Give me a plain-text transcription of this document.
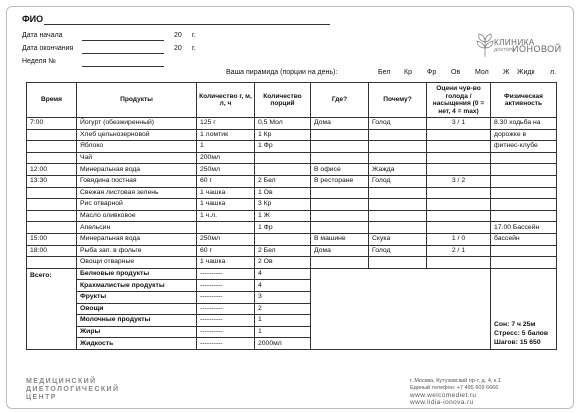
ФИО
Дата начала	20 г.
Дата окончания	20 г.
Неделя №
КЛИНИКА
ДОКТОРА
ИОНОВОЙ
Ваша пирамида (порции на день):	Бел Кр Фр Ов Мол Ж Жидк л.
Время	Продукты	Количество г, м, л, ч	Количество порций	Где?	Почему?	Оцени чув-во голода / насыщения (0 = нет, 4 = max)	Физическая активность
7:00	Йогурт (обезжиренный)	125 г	0,5 Мол	Дома	Голод	3 / 1	8.30 ходьба на
	Хлеб цельнозерновой	1 ломтик	1 Кр				дорожке в
	Яблоко	1	1 Фр				фитнес-клубе
	Чай	200мл					
12:00	Минеральная вода	250мл		В офисе	Жажда		
13:30	Говядина постная	60 г	2 Бел	В ресторане	Голод	3 / 2	
	Свежая листовая зелень	1 чашка	1 Ов				
	Рис отварной	1 чашка	3 Кр				
	Масло оливковое	1 ч.л.	1 Ж				
	Апельсин		1 Фр				17.00 Бассейн
15:00	Минеральная вода	250мл		В машине	Скука	1 / 0	бассейн
18:00	Рыба зап. в фольге	60 г	2 Бел	Дома	Голод	2 / 1	
	Овощи отварные	1 чашка	2 Ов				
Всего:	Белковые продукты	----------	4				Сон: 7 ч 25м
Стресс: 5 балов
Шагов: 15 650

	Крахмалистые продукты	----------	4				
	Фрукты	----------	3				
	Овощи	----------	2				
	Молочные продукты	----------	1				
	Жиры	----------	1				
	Жидкость	----------	2000мл				
МЕДИЦИНСКИЙ
ДИЕТОЛОГИЧЕСКИЙ
ЦЕНТР
г. Москва, Кутузовский пр-т, д. 4, к.1
Единый телефон: +7 495 609 6666
www.welcomediet.ru
www.lidia-ionova.ru
